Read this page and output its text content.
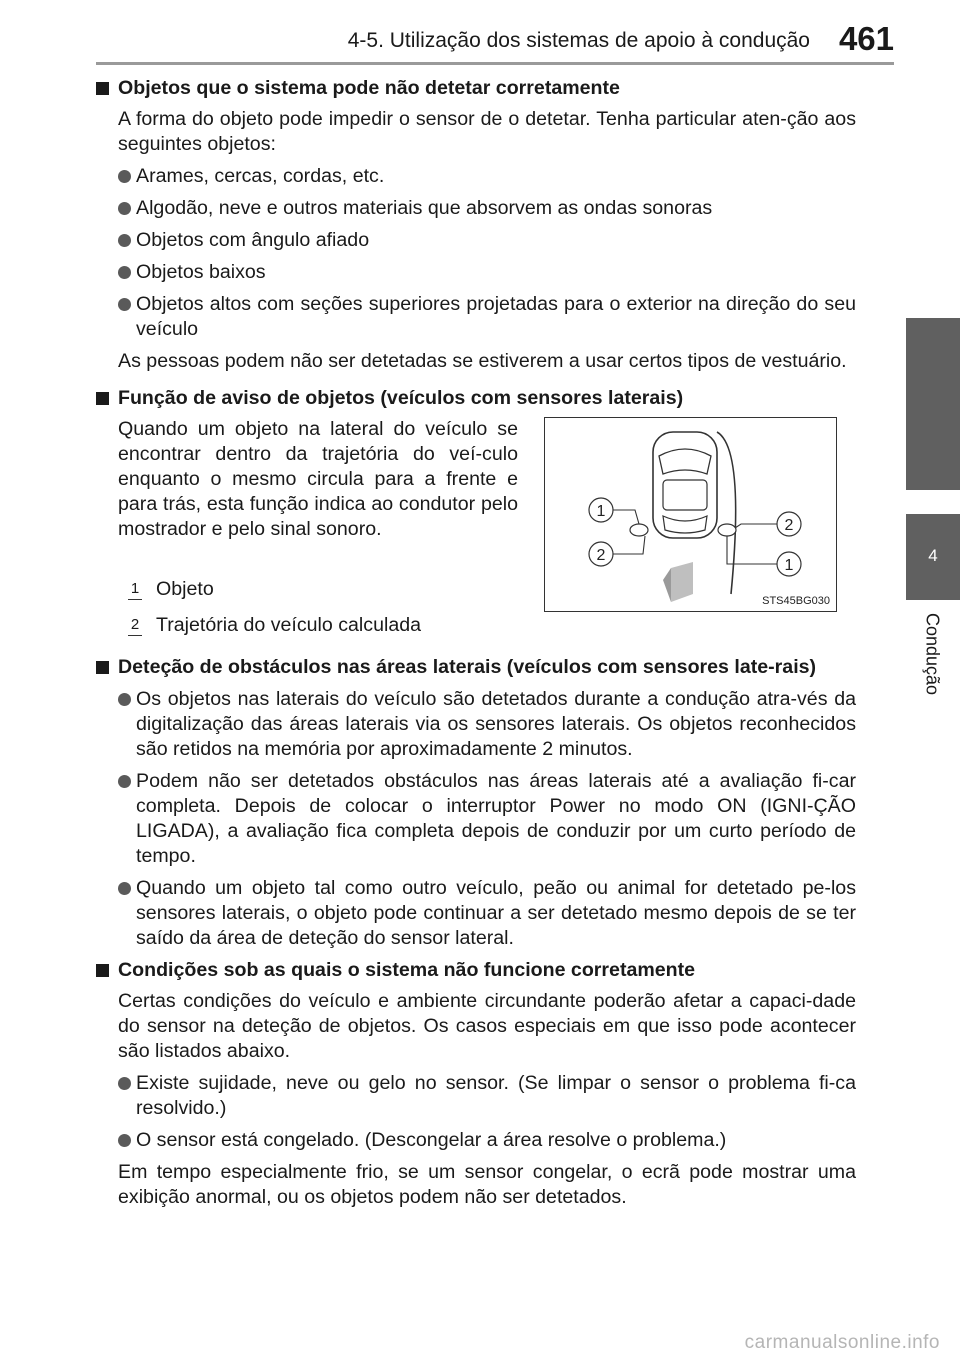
4-5. Utilização dos sistemas de apoio à condução 461
4
Condução
Objetos que o sistema pode não detetar corretamente
A forma do objeto pode impedir o sensor de o detetar. Tenha particular aten-ção aos seguintes objetos:
Arames, cercas, cordas, etc.
Algodão, neve e outros materiais que absorvem as ondas sonoras
Objetos com ângulo afiado
Objetos baixos
Objetos altos com seções superiores projetadas para o exterior na direção do seu veículo
As pessoas podem não ser detetadas se estiverem a usar certos tipos de vestuário.
Função de aviso de objetos (veículos com sensores laterais)
Quando um objeto na lateral do veículo se encontrar dentro da trajetória do veí-culo enquanto o mesmo circula para a frente e para trás, esta função indica ao condutor pelo mostrador e pelo sinal sonoro.
1 Objeto
2 Trajetória do veículo calculada
1
2
2
1
STS45BG030
Deteção de obstáculos nas áreas laterais (veículos com sensores late-rais)
Os objetos nas laterais do veículo são detetados durante a condução atra-vés da digitalização das áreas laterais via os sensores laterais. Os objetos reconhecidos são retidos na memória por aproximadamente 2 minutos.
Podem não ser detetados obstáculos nas áreas laterais até a avaliação fi-car completa. Depois de colocar o interruptor Power no modo ON (IGNI-ÇÃO LIGADA), a avaliação fica completa depois de conduzir por um curto período de tempo.
Quando um objeto tal como outro veículo, peão ou animal for detetado pe-los sensores laterais, o objeto pode continuar a ser detetado mesmo depois de se ter saído da área de deteção do sensor lateral.
Condições sob as quais o sistema não funcione corretamente
Certas condições do veículo e ambiente circundante poderão afetar a capaci-dade do sensor na deteção de objetos. Os casos especiais em que isso pode acontecer são listados abaixo.
Existe sujidade, neve ou gelo no sensor. (Se limpar o sensor o problema fi-ca resolvido.)
O sensor está congelado. (Descongelar a área resolve o problema.)
Em tempo especialmente frio, se um sensor congelar, o ecrã pode mostrar uma exibição anormal, ou os objetos podem não ser detetados.
carmanualsonline.info
